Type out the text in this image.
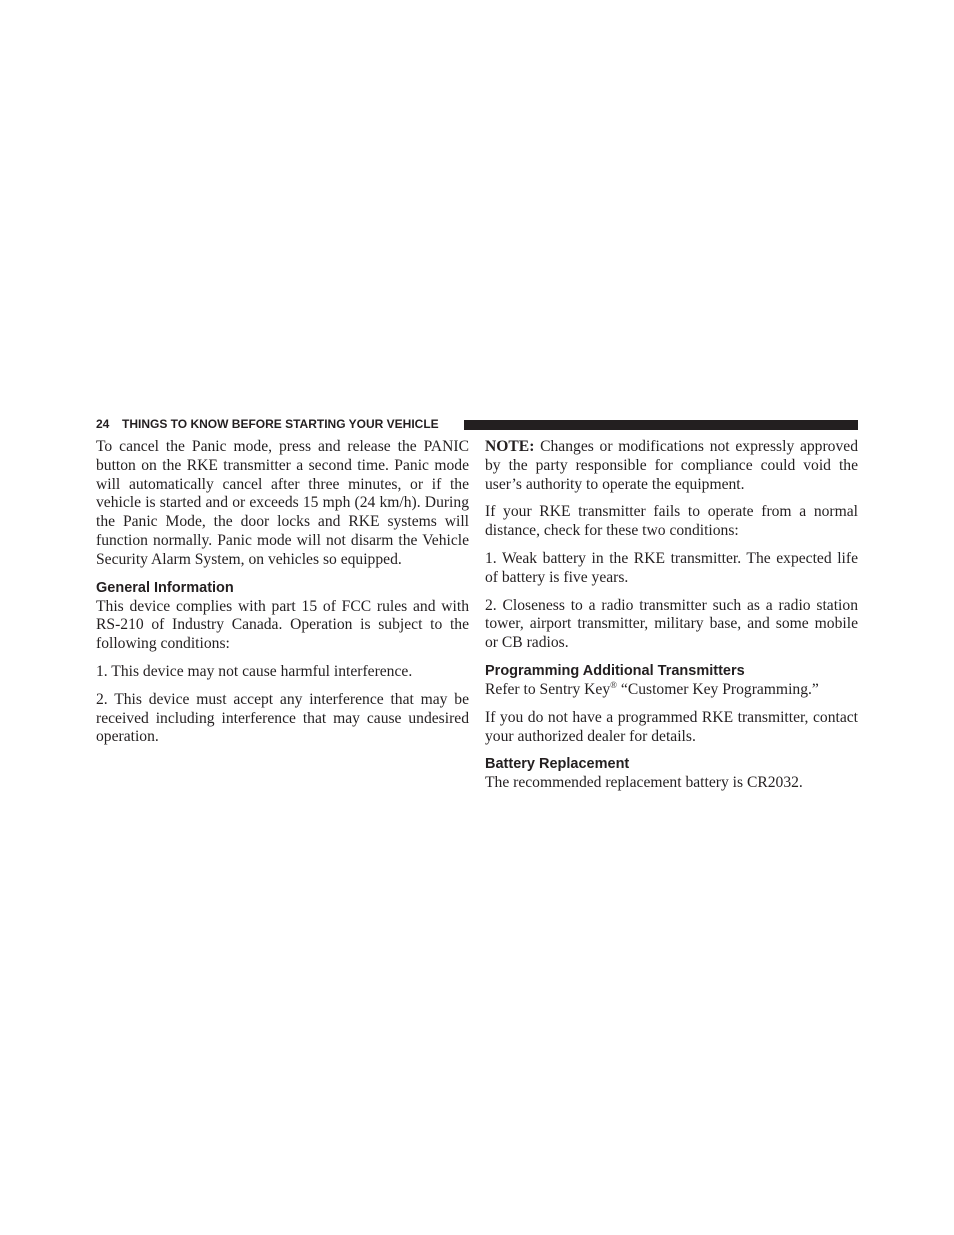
24 THINGS TO KNOW BEFORE STARTING YOUR VEHICLE

To cancel the Panic mode, press and release the PANIC button on the RKE transmitter a second time. Panic mode will automatically cancel after three minutes, or if the vehicle is started and or exceeds 15 mph (24 km/h). During the Panic Mode, the door locks and RKE systems will function normally. Panic mode will not disarm the Vehicle Security Alarm System, on vehicles so equipped.

General Information

This device complies with part 15 of FCC rules and with RS-210 of Industry Canada. Operation is subject to the following conditions:

1. This device may not cause harmful interference.

2. This device must accept any interference that may be received including interference that may cause undesired operation.

NOTE: Changes or modifications not expressly approved by the party responsible for compliance could void the user’s authority to operate the equipment.

If your RKE transmitter fails to operate from a normal distance, check for these two conditions:

1. Weak battery in the RKE transmitter. The expected life of battery is five years.

2. Closeness to a radio transmitter such as a radio station tower, airport transmitter, military base, and some mobile or CB radios.

Programming Additional Transmitters

Refer to Sentry Key® “Customer Key Programming.”

If you do not have a programmed RKE transmitter, contact your authorized dealer for details.

Battery Replacement

The recommended replacement battery is CR2032.
